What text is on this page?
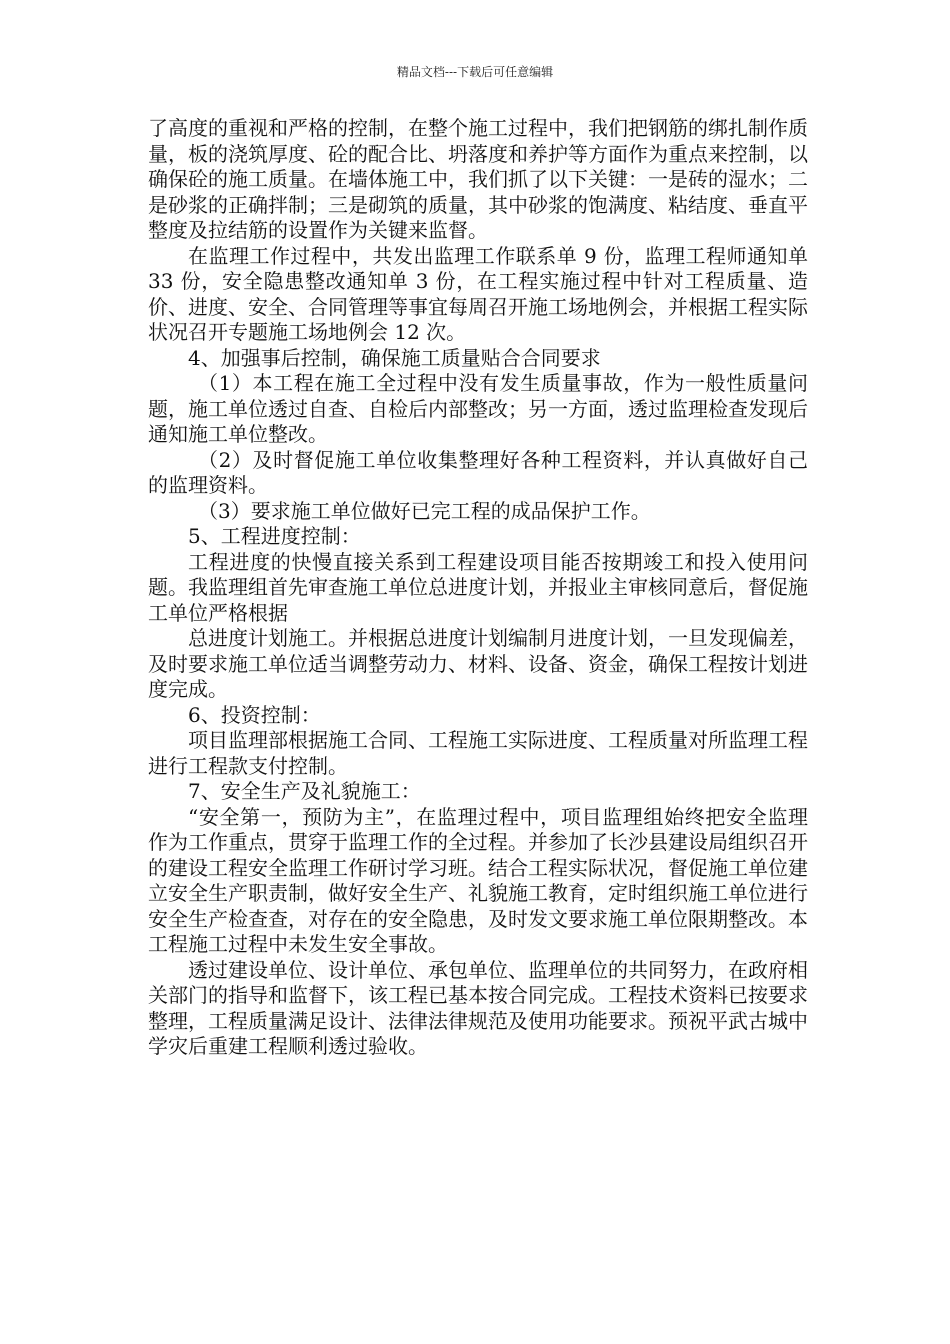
精品文档---下载后可任意编辑

了高度的重视和严格的控制，在整个施工过程中，我们把钢筋的绑扎制作质量，板的浇筑厚度、砼的配合比、坍落度和养护等方面作为重点来控制，以确保砼的施工质量。在墙体施工中，我们抓了以下关键：一是砖的湿水；二是砂浆的正确拌制；三是砌筑的质量，其中砂浆的饱满度、粘结度、垂直平整度及拉结筋的设置作为关键来监督。

在监理工作过程中，共发出监理工作联系单 9 份，监理工程师通知单 33 份，安全隐患整改通知单 3 份，在工程实施过程中针对工程质量、造价、进度、安全、合同管理等事宜每周召开施工场地例会，并根据工程实际状况召开专题施工场地例会 12 次。

4、加强事后控制，确保施工质量贴合合同要求

（1）本工程在施工全过程中没有发生质量事故，作为一般性质量问题，施工单位透过自查、自检后内部整改；另一方面，透过监理检查发现后通知施工单位整改。

（2）及时督促施工单位收集整理好各种工程资料，并认真做好自己的监理资料。

（3）要求施工单位做好已完工程的成品保护工作。

5、工程进度控制：

工程进度的快慢直接关系到工程建设项目能否按期竣工和投入使用问题。我监理组首先审查施工单位总进度计划，并报业主审核同意后，督促施工单位严格根据

总进度计划施工。并根据总进度计划编制月进度计划，一旦发现偏差，及时要求施工单位适当调整劳动力、材料、设备、资金，确保工程按计划进度完成。

6、投资控制：

项目监理部根据施工合同、工程施工实际进度、工程质量对所监理工程进行工程款支付控制。

7、安全生产及礼貌施工：

“安全第一，预防为主”，在监理过程中，项目监理组始终把安全监理作为工作重点，贯穿于监理工作的全过程。并参加了长沙县建设局组织召开的建设工程安全监理工作研讨学习班。结合工程实际状况，督促施工单位建立安全生产职责制，做好安全生产、礼貌施工教育，定时组织施工单位进行安全生产检查查，对存在的安全隐患，及时发文要求施工单位限期整改。本工程施工过程中未发生安全事故。

透过建设单位、设计单位、承包单位、监理单位的共同努力，在政府相关部门的指导和监督下，该工程已基本按合同完成。工程技术资料已按要求整理，工程质量满足设计、法律法律规范及使用功能要求。预祝平武古城中学灾后重建工程顺利透过验收。
